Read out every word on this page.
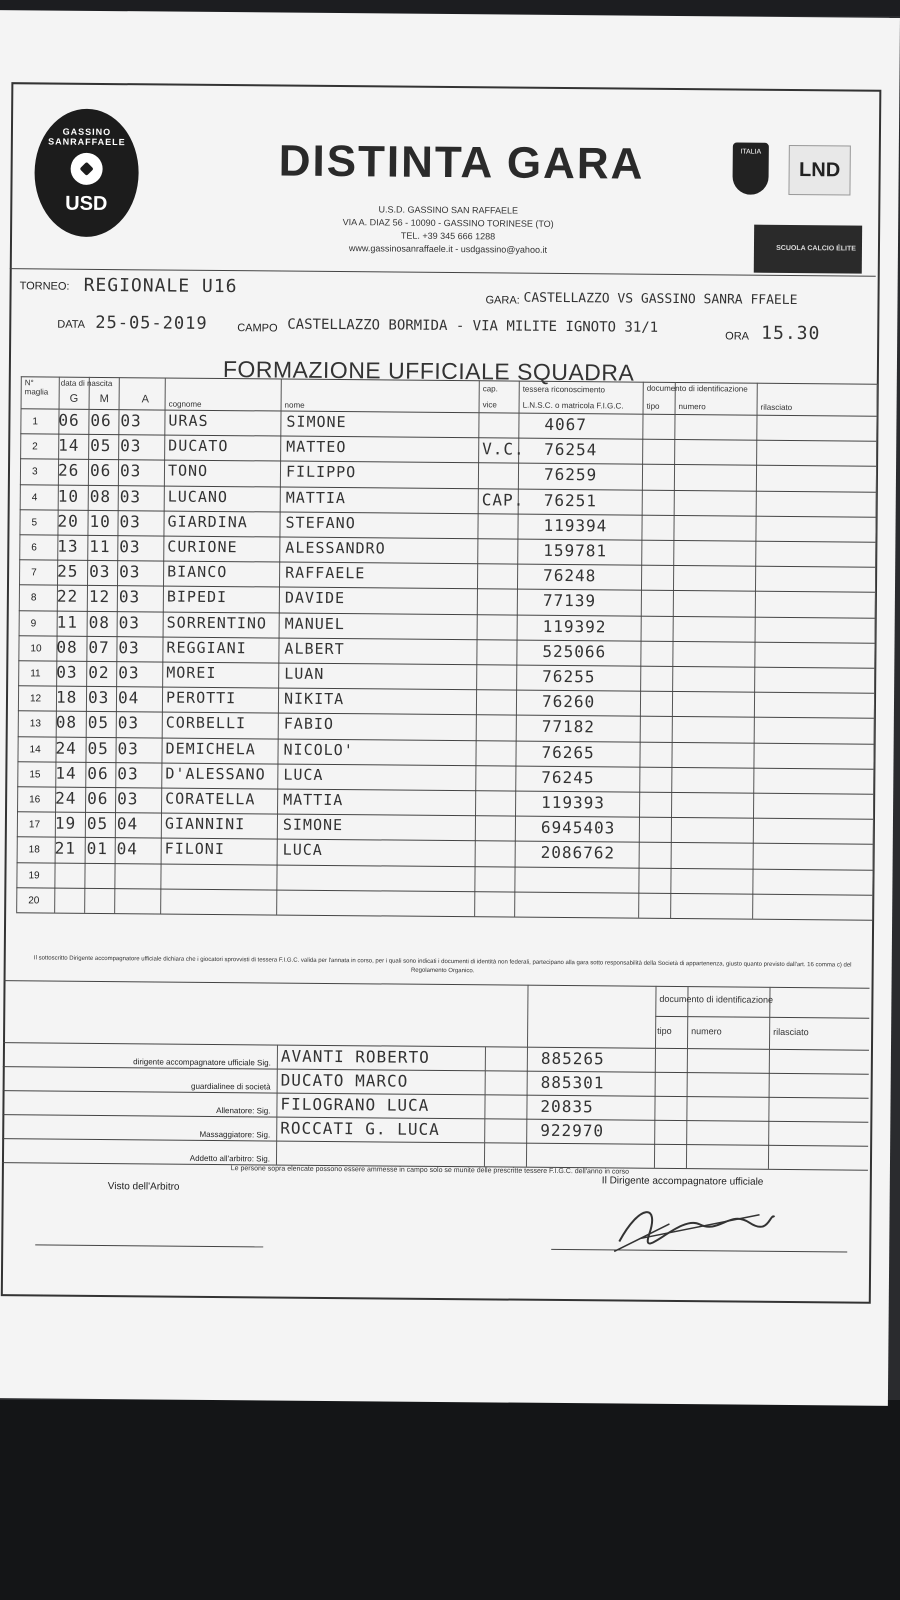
GASSINO SANRAFFAELE
USD
DISTINTA GARA
U.S.D. GASSINO SAN RAFFAELE
VIA A. DIAZ 56 - 10090 - GASSINO TORINESE (TO)
TEL. +39 345 666 1288
www.gassinosanraffaele.it - usdgassino@yahoo.it
ITALIA
LND
SCUOLA CALCIO ÉLITE
TORNEO: REGIONALE U16
GARA: CASTELLAZZO VS GASSINO SANRA FFAELE
DATA 25-05-2019	CAMPO CASTELLAZZO BORMIDA - VIA MILITE IGNOTO 31/1
ORA 15.30
FORMAZIONE UFFICIALE SQUADRA
N° maglia
data di nascita
G	M	A	cognome	nome
cap.
vice
tessera riconoscimento
L.N.S.C. o matricola F.I.G.C.
documento di identificazione
tipo	numero	rilasciato
1 06 06 03 URAS	SIMONE	4067
2 14 05 03 DUCATO	MATTEO	V.C. 76254
3 26 06 03 TONO	FILIPPO	76259
4 10 08 03 LUCANO	MATTIA	CAP. 76251
5 20 10 03 GIARDINA	STEFANO	119394
6 13 11 03 CURIONE	ALESSANDRO	159781
7 25 03 03 BIANCO	RAFFAELE	76248
8 22 12 03 BIPEDI	DAVIDE	77139
9 11 08 03 SORRENTINO MANUEL	119392
10 08 07 03 REGGIANI	ALBERT	525066
11 03 02 03 MOREI	LUAN	76255
12 18 03 04 PEROTTI	NIKITA	76260
13 08 05 03 CORBELLI	FABIO	77182
14 24 05 03 DEMICHELA NICOLO'	76265
15 14 06 03 D'ALESSANO LUCA	76245
16 24 06 03 CORATELLA MATTIA	119393
17 19 05 04 GIANNINI	SIMONE	6945403
18 21 01 04 FILONI	LUCA	2086762
19
20
Il sottoscritto Dirigente accompagnatore ufficiale dichiara che i giocatori sprovvisti di tessera F.I.G.C. valida per l'annata in corso, per i quali sono indicati i documenti di identità non federali, partecipano alla gara sotto responsabilità della Società di appartenenza, giusto quanto previsto dall'art. 16 comma c) del Regolamento Organico.
documento di identificazione
tipo numero	rilasciato
dirigente accompagnatore ufficiale Sig. AVANTI ROBERTO	885265
guardialinee di società DUCATO MARCO	885301
Allenatore: Sig. FILOGRANO LUCA	20835
Massaggiatore: Sig. ROCCATI G. LUCA	922970
Addetto all'arbitro: Sig.
Le persone sopra elencate possono essere ammesse in campo solo se munite delle prescritte tessere F.I.G.C. dell'anno in corso
Visto dell'Arbitro	Il Dirigente accompagnatore ufficiale
